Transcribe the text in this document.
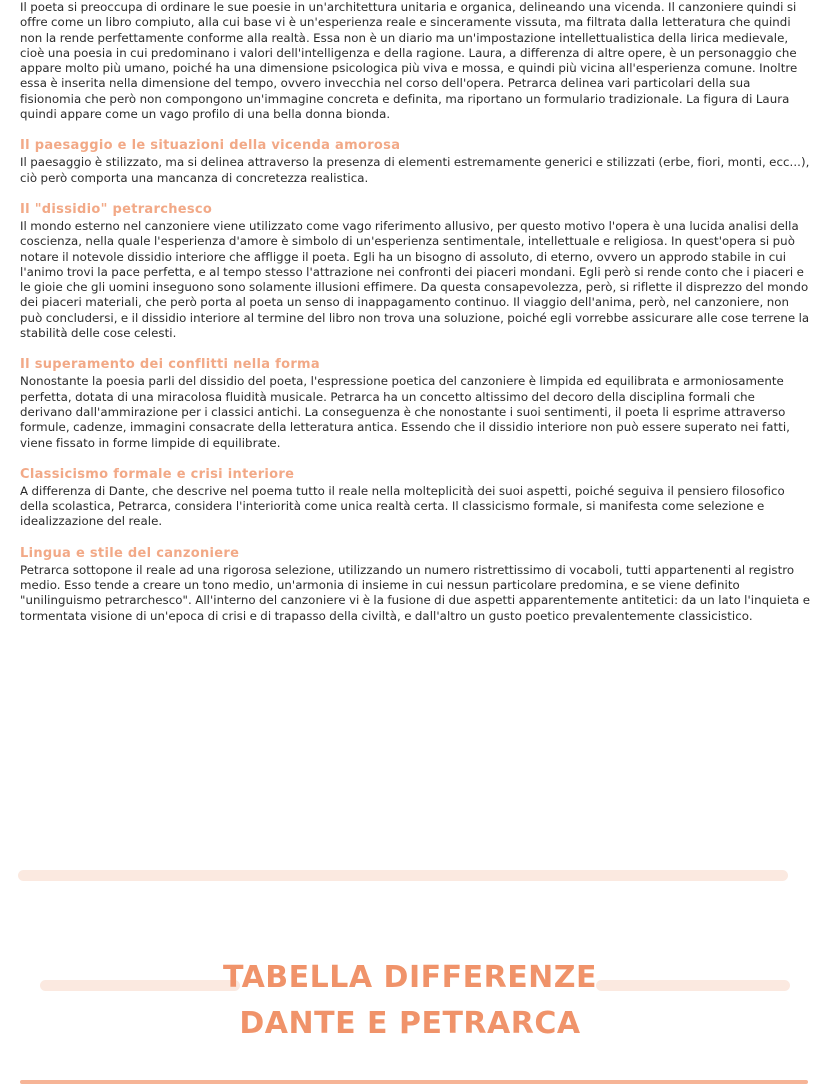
Il poeta si preoccupa di ordinare le sue poesie in un'architettura unitaria e organica, delineando una vicenda. Il canzoniere quindi si offre come un libro compiuto, alla cui base vi è un'esperienza reale e sinceramente vissuta, ma filtrata dalla letteratura che quindi non la rende perfettamente conforme alla realtà. Essa non è un diario ma un'impostazione intellettualistica della lirica medievale, cioè una poesia in cui predominano i valori dell'intelligenza e della ragione. Laura, a differenza di altre opere, è un personaggio che appare molto più umano, poiché ha una dimensione psicologica più viva e mossa, e quindi più vicina all'esperienza comune. Inoltre essa è inserita nella dimensione del tempo, ovvero invecchia nel corso dell'opera. Petrarca delinea vari particolari della sua fisionomia che però non compongono un'immagine concreta e definita, ma riportano un formulario tradizionale. La figura di Laura quindi appare come un vago profilo di una bella donna bionda.

Il paesaggio e le situazioni della vicenda amorosa

Il paesaggio è stilizzato, ma si delinea attraverso la presenza di elementi estremamente generici e stilizzati (erbe, fiori, monti, ecc...), ciò però comporta una mancanza di concretezza realistica.

Il "dissidio" petrarchesco

Il mondo esterno nel canzoniere viene utilizzato come vago riferimento allusivo, per questo motivo l'opera è una lucida analisi della coscienza, nella quale l'esperienza d'amore è simbolo di un'esperienza sentimentale, intellettuale e religiosa. In quest'opera si può notare il notevole dissidio interiore che affligge il poeta. Egli ha un bisogno di assoluto, di eterno, ovvero un approdo stabile in cui l'animo trovi la pace perfetta, e al tempo stesso l'attrazione nei confronti dei piaceri mondani. Egli però si rende conto che i piaceri e le gioie che gli uomini inseguono sono solamente illusioni effimere. Da questa consapevolezza, però, si riflette il disprezzo del mondo dei piaceri materiali, che però porta al poeta un senso di inappagamento continuo. Il viaggio dell'anima, però, nel canzoniere, non può concludersi, e il dissidio interiore al termine del libro non trova una soluzione, poiché egli vorrebbe assicurare alle cose terrene la stabilità delle cose celesti.

Il superamento dei conflitti nella forma

Nonostante la poesia parli del dissidio del poeta, l'espressione poetica del canzoniere è limpida ed equilibrata e armoniosamente perfetta, dotata di una miracolosa fluidità musicale. Petrarca ha un concetto altissimo del decoro della disciplina formali che derivano dall'ammirazione per i classici antichi. La conseguenza è che nonostante i suoi sentimenti, il poeta li esprime attraverso formule, cadenze, immagini consacrate della letteratura antica. Essendo che il dissidio interiore non può essere superato nei fatti, viene fissato in forme limpide di equilibrate.

Classicismo formale e crisi interiore

A differenza di Dante, che descrive nel poema tutto il reale nella molteplicità dei suoi aspetti, poiché seguiva il pensiero filosofico della scolastica, Petrarca, considera l'interiorità come unica realtà certa. Il classicismo formale, si manifesta come selezione e idealizzazione del reale.

Lingua e stile del canzoniere

Petrarca sottopone il reale ad una rigorosa selezione, utilizzando un numero ristrettissimo di vocaboli, tutti appartenenti al registro medio. Esso tende a creare un tono medio, un'armonia di insieme in cui nessun particolare predomina, e se viene definito "unilinguismo petrarchesco". All'interno del canzoniere vi è la fusione di due aspetti apparentemente antitetici: da un lato l'inquieta e tormentata visione di un'epoca di crisi e di trapasso della civiltà, e dall'altro un gusto poetico prevalentemente classicistico.

TABELLA DIFFERENZE
DANTE E PETRARCA
